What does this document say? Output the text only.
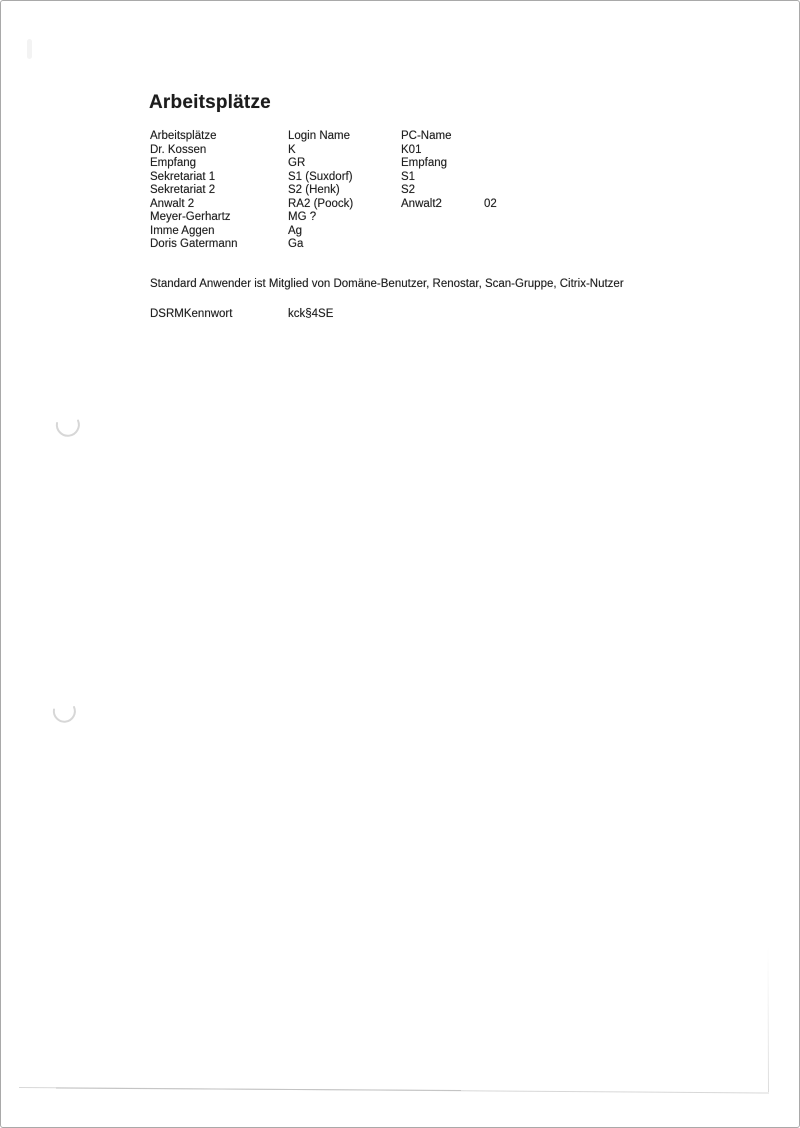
Arbeitsplätze
Arbeitsplätze	Login Name	PC-Name
Dr. Kossen	K	K01
Empfang	GR	Empfang
Sekretariat 1	S1 (Suxdorf)	S1
Sekretariat 2	S2 (Henk)	S2
Anwalt 2	RA2 (Poock)	Anwalt2	02
Meyer-Gerhartz	MG ?
Imme Aggen	Ag
Doris Gatermann	Ga

Standard Anwender ist Mitglied von Domäne-Benutzer, Renostar, Scan-Gruppe, Citrix-Nutzer

DSRMKennwort	kck§4SE
